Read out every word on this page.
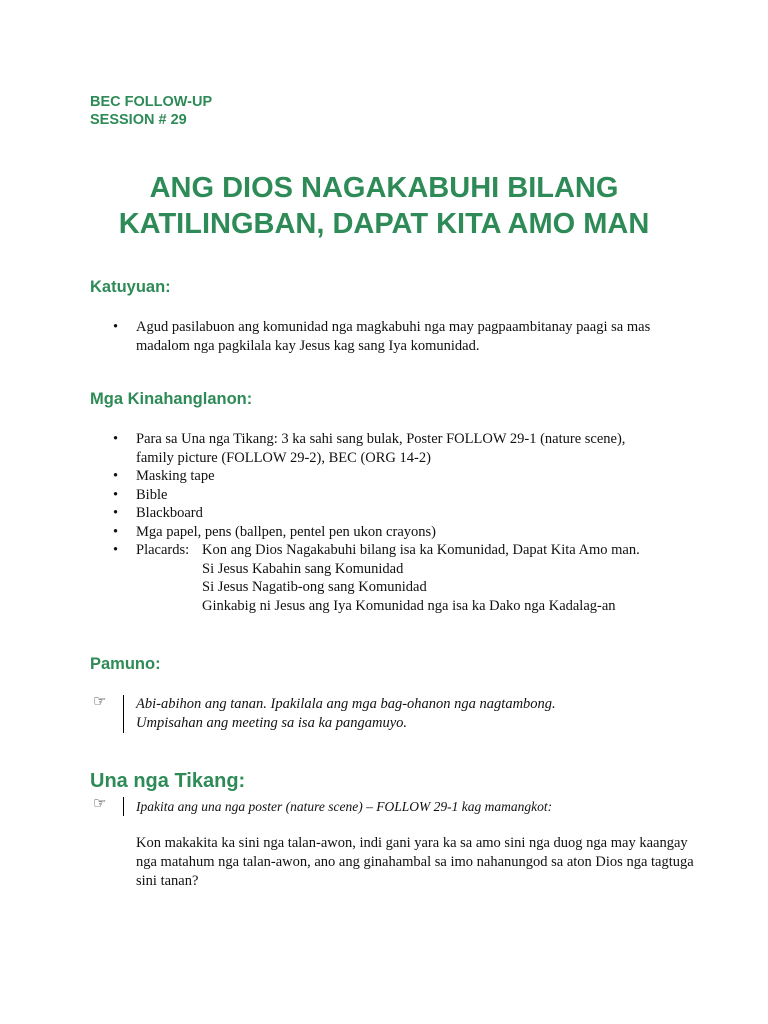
BEC FOLLOW-UP
SESSION # 29
ANG DIOS NAGAKABUHI BILANG
KATILINGBAN, DAPAT KITA AMO MAN
Katuyuan:
• Agud pasilabuon ang komunidad nga magkabuhi nga may pagpaambitanay paagi sa mas madalom nga pagkilala kay Jesus kag sang Iya komunidad.
Mga Kinahanglanon:
• Para sa Una nga Tikang: 3 ka sahi sang bulak, Poster FOLLOW 29-1 (nature scene), family picture (FOLLOW 29-2), BEC (ORG 14-2)
• Masking tape
• Bible
• Blackboard
• Mga papel, pens (ballpen, pentel pen ukon crayons)
• Placards: Kon ang Dios Nagakabuhi bilang isa ka Komunidad, Dapat Kita Amo man.
Si Jesus Kabahin sang Komunidad
Si Jesus Nagatib-ong sang Komunidad
Ginkabig ni Jesus ang Iya Komunidad nga isa ka Dako nga Kadalag-an
Pamuno:
☞ Abi-abihon ang tanan. Ipakilala ang mga bag-ohanon nga nagtambong.
Umpisahan ang meeting sa isa ka pangamuyo.
Una nga Tikang:
☞	Ipakita ang una nga poster (nature scene) – FOLLOW 29-1 kag mamangkot:
Kon makakita ka sini nga talan-awon, indi gani yara ka sa amo sini nga duog nga may kaangay nga matahum nga talan-awon, ano ang ginahambal sa imo nahanungod sa aton Dios nga tagtuga sini tanan?
